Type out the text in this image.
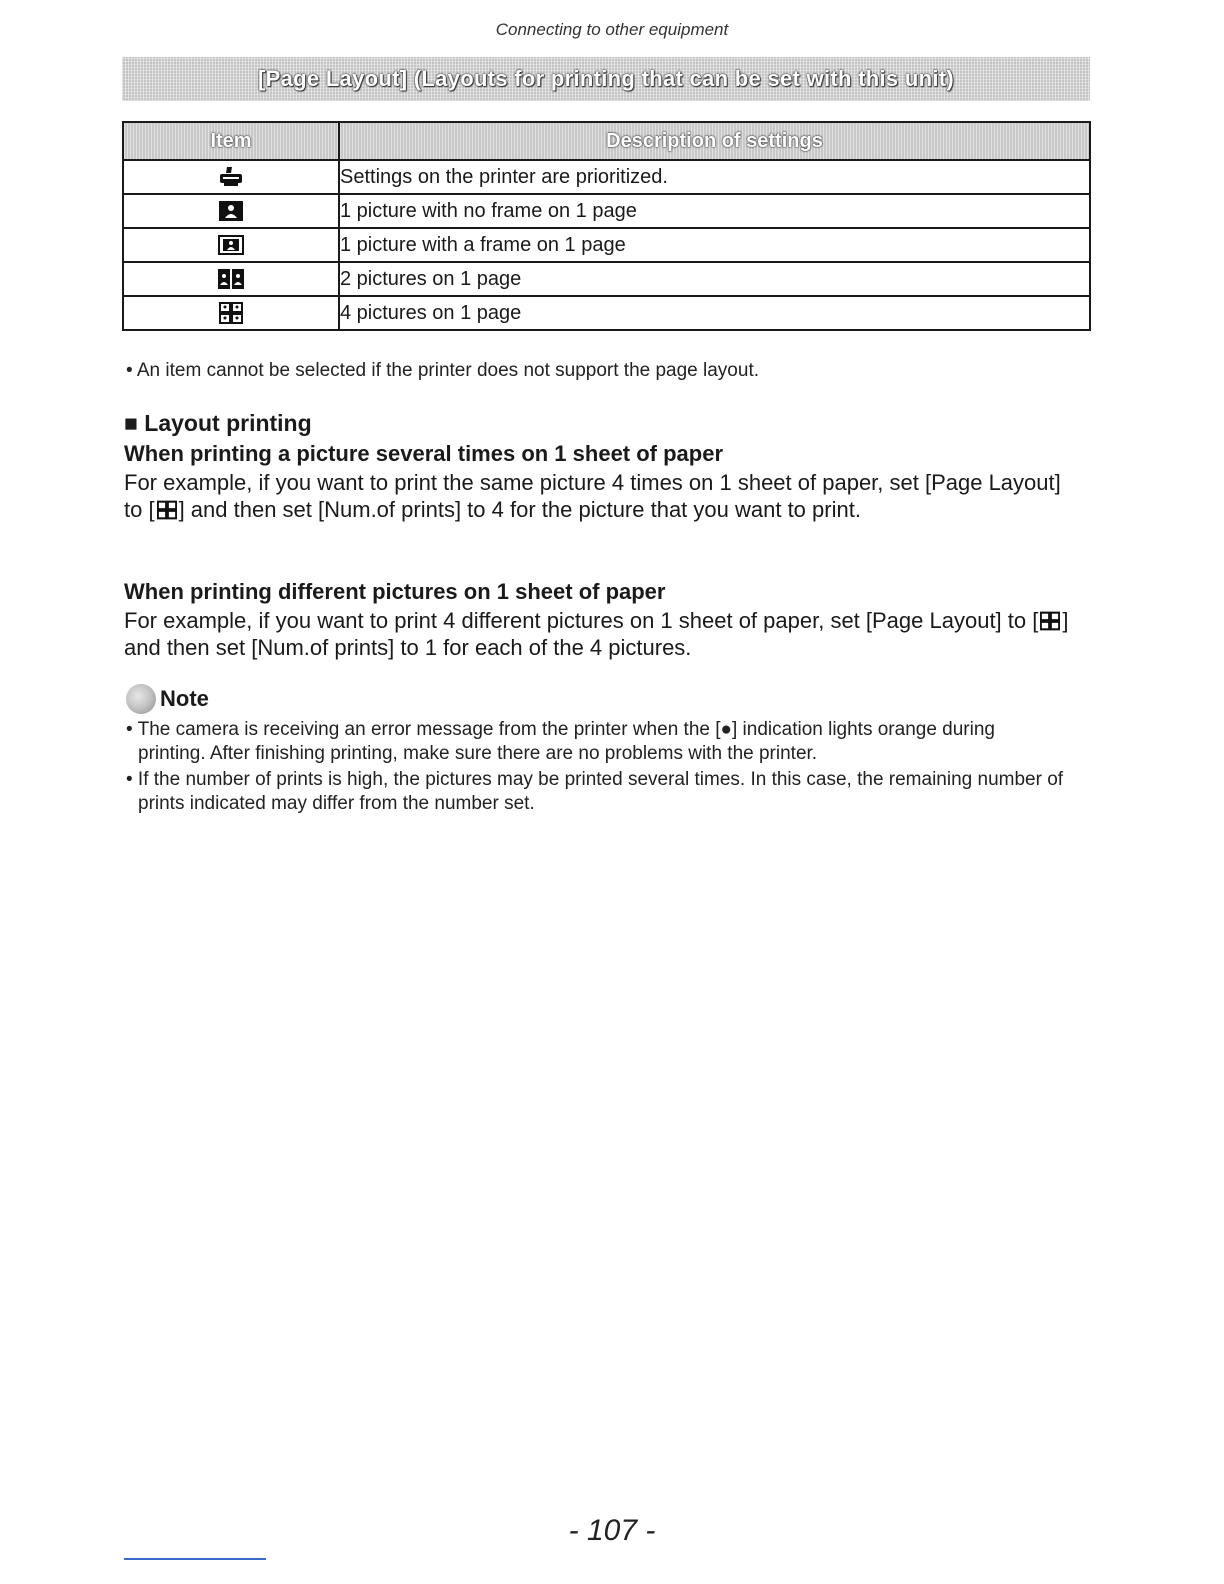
Connecting to other equipment
[Page Layout] (Layouts for printing that can be set with this unit)
Item	Description of settings
	Settings on the printer are prioritized.
	1 picture with no frame on 1 page
	1 picture with a frame on 1 page
	2 pictures on 1 page
	4 pictures on 1 page
• An item cannot be selected if the printer does not support the page layout.
■ Layout printing
When printing a picture several times on 1 sheet of paper
For example, if you want to print the same picture 4 times on 1 sheet of paper, set [Page Layout] to [ ] and then set [Num.of prints] to 4 for the picture that you want to print.
When printing different pictures on 1 sheet of paper
For example, if you want to print 4 different pictures on 1 sheet of paper, set [Page Layout] to [ ] and then set [Num.of prints] to 1 for each of the 4 pictures.
Note
• The camera is receiving an error message from the printer when the [●] indication lights orange during printing. After finishing printing, make sure there are no problems with the printer.
• If the number of prints is high, the pictures may be printed several times. In this case, the remaining number of prints indicated may differ from the number set.
- 107 -
